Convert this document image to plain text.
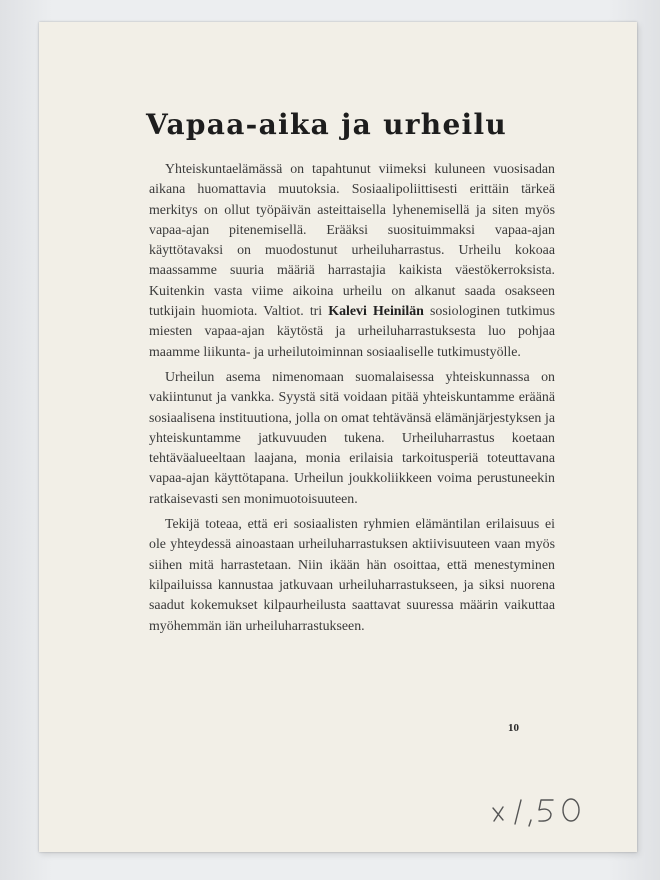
Vapaa-aika ja urheilu

Yhteiskuntaelämässä on tapahtunut viimeksi kuluneen vuosisadan aikana huomattavia muutoksia. Sosiaalipoliittisesti erittäin tärkeä merkitys on ollut työpäivän asteittaisella lyhenemisellä ja siten myös vapaa-ajan pitenemisellä. Erääksi suosituimmaksi vapaa-ajan käyttötavaksi on muodostunut urheiluharrastus. Urheilu kokoaa maassamme suuria määriä harrastajia kaikista väestökerroksista. Kuitenkin vasta viime aikoina urheilu on alkanut saada osakseen tutkijain huomiota. Valtiot. tri Kalevi Heinilän sosiologinen tutkimus miesten vapaa-ajan käytöstä ja urheiluharrastuksesta luo pohjaa maamme liikunta- ja urheilutoiminnan sosiaaliselle tutkimustyölle.

Urheilun asema nimenomaan suomalaisessa yhteiskunnassa on vakiintunut ja vankka. Syystä sitä voidaan pitää yhteiskuntamme eräänä sosiaalisena instituutiona, jolla on omat tehtävänsä elämänjärjestyksen ja yhteiskuntamme jatkuvuuden tukena. Urheiluharrastus koetaan tehtäväalueeltaan laajana, monia erilaisia tarkoitusperiä toteuttavana vapaa-ajan käyttötapana. Urheilun joukkoliikkeen voima perustuneekin ratkaisevasti sen monimuotoisuuteen.

Tekijä toteaa, että eri sosiaalisten ryhmien elämäntilan erilaisuus ei ole yhteydessä ainoastaan urheiluharrastuksen aktiivisuuteen vaan myös siihen mitä harrastetaan. Niin ikään hän osoittaa, että menestyminen kilpailuissa kannustaa jatkuvaan urheiluharrastukseen, ja siksi nuorena saadut kokemukset kilpaurheilusta saattavat suuressa määrin vaikuttaa myöhemmän iän urheiluharrastukseen.

10
